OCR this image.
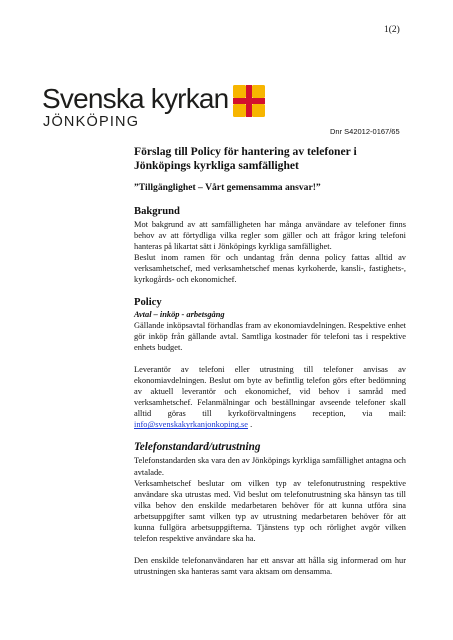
1(2)
Svenska kyrkan
JÖNKÖPING
Dnr S42012-0167/65
Förslag till Policy för hantering av telefoner i Jönköpings kyrkliga samfällighet
”Tillgänglighet – Vårt gemensamma ansvar!”
Bakgrund

Mot bakgrund av att samfälligheten har många användare av telefoner finns behov av att förtydliga vilka regler som gäller och att frågor kring telefoni hanteras på likartat sätt i Jönköpings kyrkliga samfällighet.

Beslut inom ramen för och undantag från denna policy fattas alltid av verksamhetschef, med verksamhetschef menas kyrkoherde, kansli-, fastighets-, kyrkogårds- och ekonomichef.

Policy
Avtal – inköp - arbetsgång

Gällande inköpsavtal förhandlas fram av ekonomiavdelningen. Respektive enhet gör inköp från gällande avtal. Samtliga kostnader för telefoni tas i respektive enhets budget.

Leverantör av telefoni eller utrustning till telefoner anvisas av ekonomiavdelningen. Beslut om byte av befintlig telefon görs efter bedömning av aktuell leverantör och ekonomichef, vid behov i samråd med verksamhetschef. Felanmälningar och beställningar avseende telefoner skall alltid göras till kyrkoförvaltningens reception, via mail: info@svenskakyrkanjonkoping.se .

Telefonstandard/utrustning

Telefonstandarden ska vara den av Jönköpings kyrkliga samfällighet antagna och avtalade.

Verksamhetschef beslutar om vilken typ av telefonutrustning respektive användare ska utrustas med. Vid beslut om telefonutrustning ska hänsyn tas till vilka behov den enskilde medarbetaren behöver för att kunna utföra sina arbetsuppgifter samt vilken typ av utrustning medarbetaren behöver för att kunna fullgöra arbetsuppgifterna. Tjänstens typ och rörlighet avgör vilken telefon respektive användare ska ha.

Den enskilde telefonanvändaren har ett ansvar att hålla sig informerad om hur utrustningen ska hanteras samt vara aktsam om densamma.
